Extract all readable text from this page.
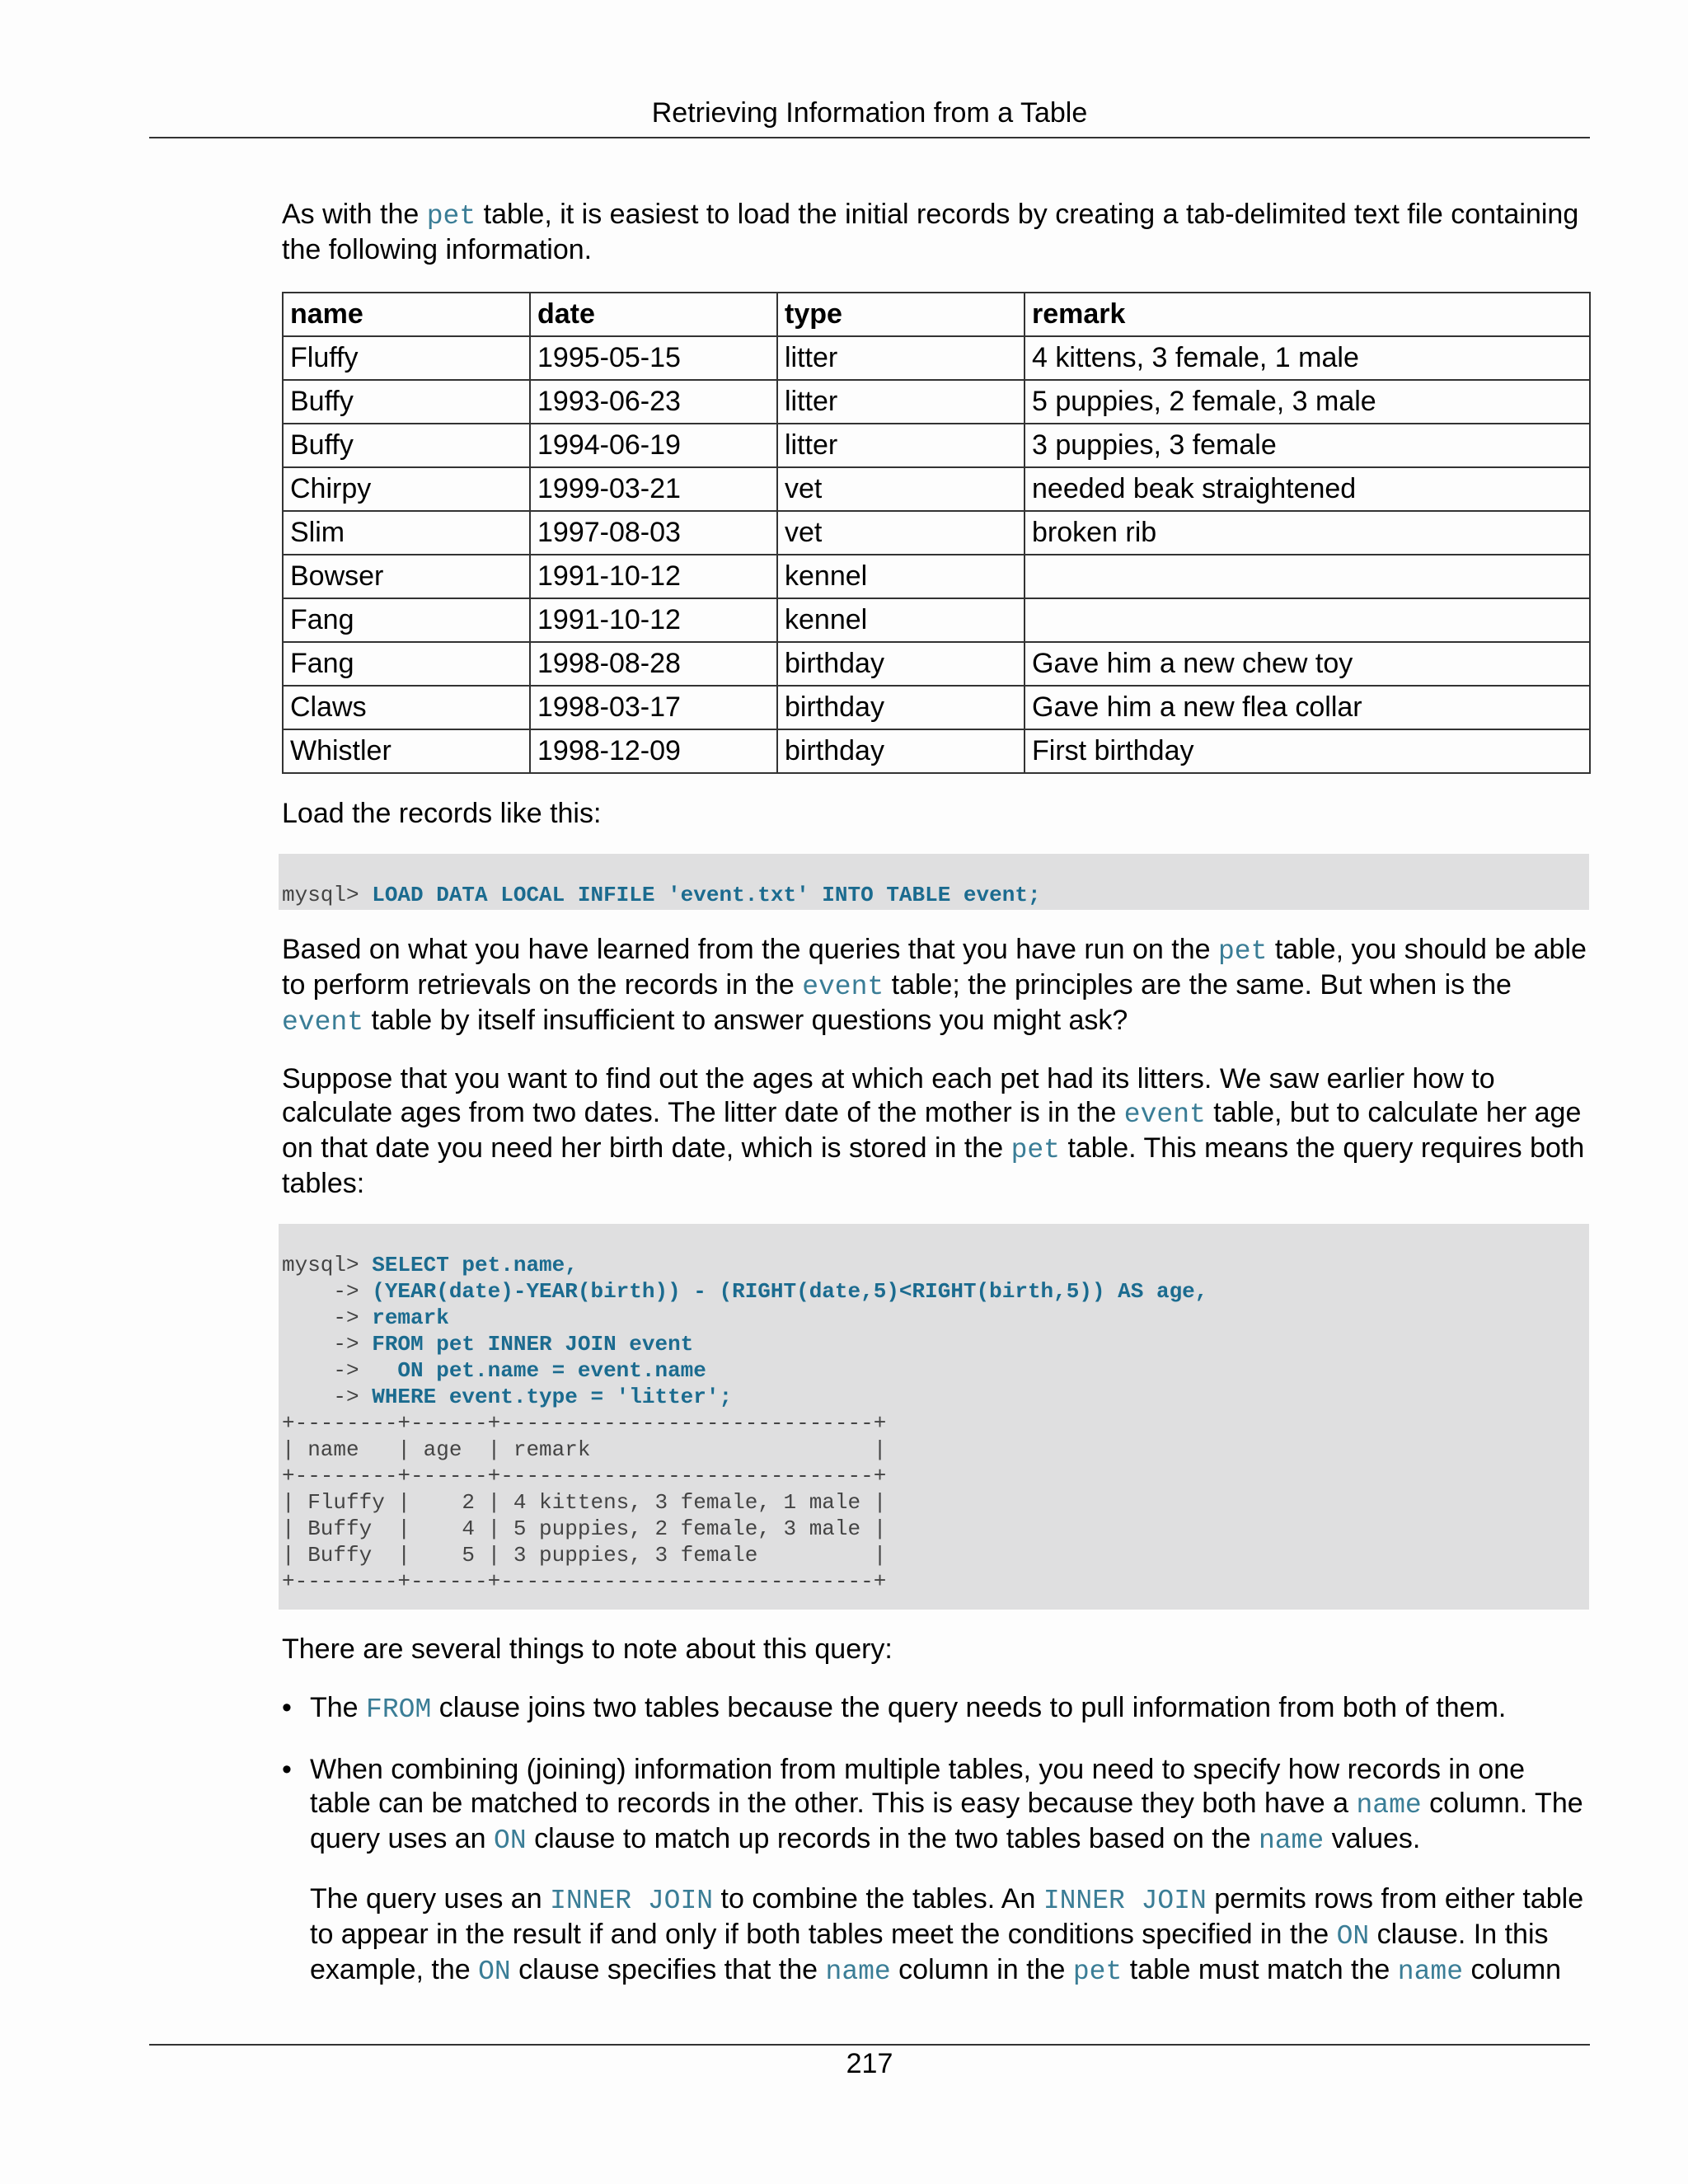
Retrieving Information from a Table

As with the pet table, it is easiest to load the initial records by creating a tab-delimited text file containing the following information.

name	date	type	remark
Fluffy	1995-05-15	litter	4 kittens, 3 female, 1 male
Buffy	1993-06-23	litter	5 puppies, 2 female, 3 male
Buffy	1994-06-19	litter	3 puppies, 3 female
Chirpy	1999-03-21	vet	needed beak straightened
Slim	1997-08-03	vet	broken rib
Bowser	1991-10-12	kennel	
Fang	1991-10-12	kennel	
Fang	1998-08-28	birthday	Gave him a new chew toy
Claws	1998-03-17	birthday	Gave him a new flea collar
Whistler	1998-12-09	birthday	First birthday

Load the records like this:

mysql> LOAD DATA LOCAL INFILE 'event.txt' INTO TABLE event;

Based on what you have learned from the queries that you have run on the pet table, you should be able to perform retrievals on the records in the event table; the principles are the same. But when is the event table by itself insufficient to answer questions you might ask?

Suppose that you want to find out the ages at which each pet had its litters. We saw earlier how to calculate ages from two dates. The litter date of the mother is in the event table, but to calculate her age on that date you need her birth date, which is stored in the pet table. This means the query requires both tables:

mysql> SELECT pet.name,
-> (YEAR(date)-YEAR(birth)) - (RIGHT(date,5)<RIGHT(birth,5)) AS age,
-> remark
-> FROM pet INNER JOIN event
->   ON pet.name = event.name
-> WHERE event.type = 'litter';
+--------+------+-----------------------------+
| name   | age  | remark                      |
+--------+------+-----------------------------+
| Fluffy |    2 | 4 kittens, 3 female, 1 male |
| Buffy  |    4 | 5 puppies, 2 female, 3 male |
| Buffy  |    5 | 3 puppies, 3 female         |
+--------+------+-----------------------------+

There are several things to note about this query:

• The FROM clause joins two tables because the query needs to pull information from both of them.

• When combining (joining) information from multiple tables, you need to specify how records in one table can be matched to records in the other. This is easy because they both have a name column. The query uses an ON clause to match up records in the two tables based on the name values.

The query uses an INNER JOIN to combine the tables. An INNER JOIN permits rows from either table to appear in the result if and only if both tables meet the conditions specified in the ON clause. In this example, the ON clause specifies that the name column in the pet table must match the name column

217
